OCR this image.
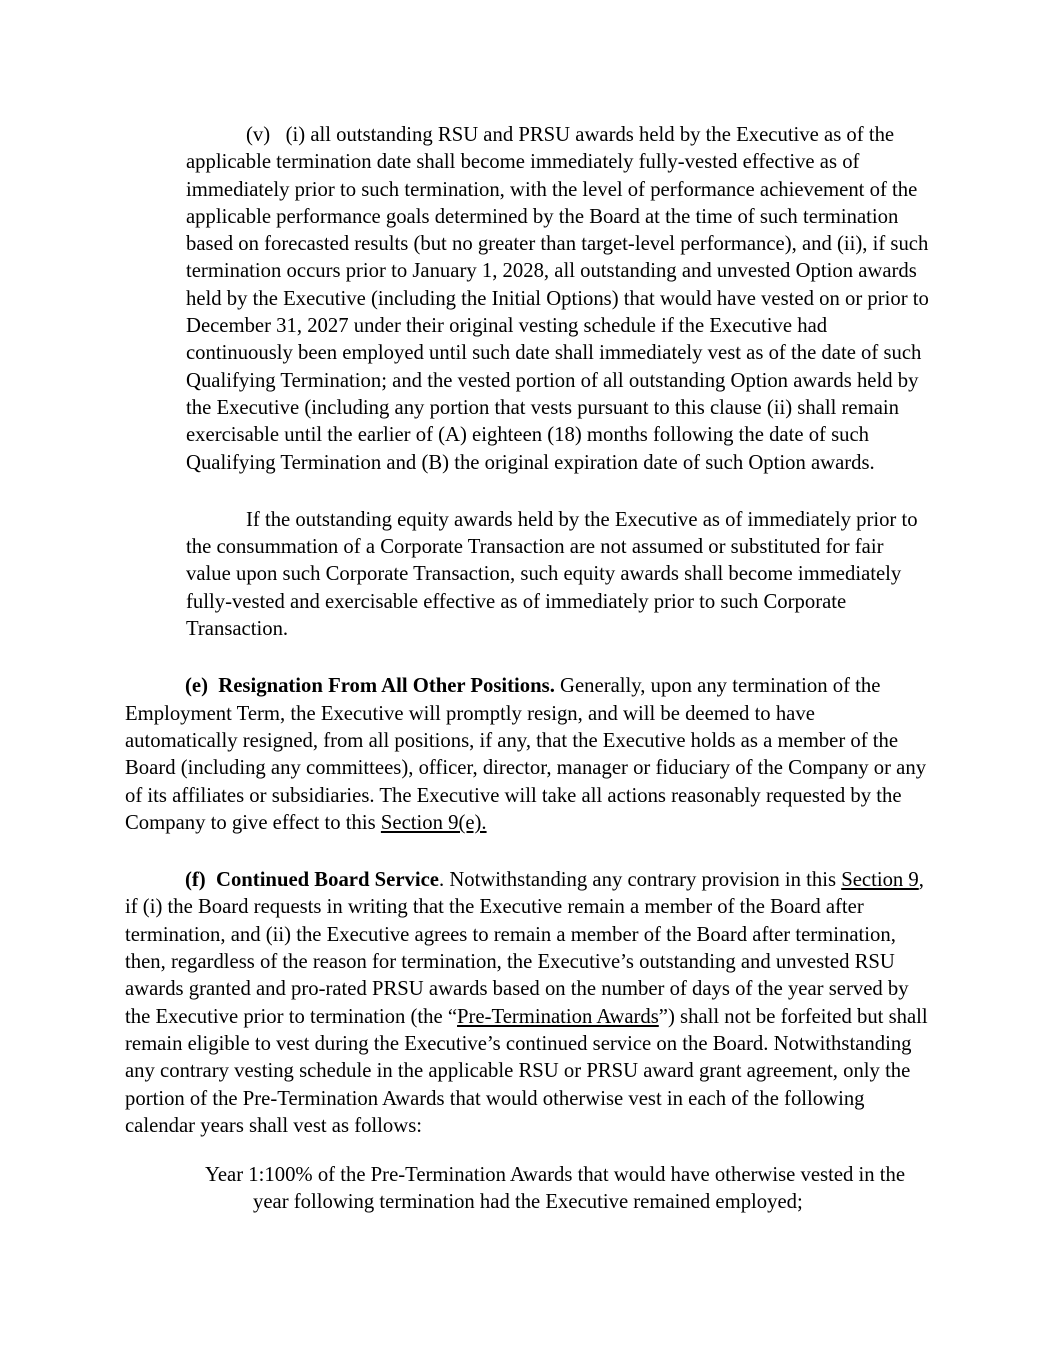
(v)   (i) all outstanding RSU and PRSU awards held by the Executive as of the applicable termination date shall become immediately fully-vested effective as of immediately prior to such termination, with the level of performance achievement of the applicable performance goals determined by the Board at the time of such termination based on forecasted results (but no greater than target-level performance), and (ii), if such termination occurs prior to January 1, 2028, all outstanding and unvested Option awards held by the Executive (including the Initial Options) that would have vested on or prior to December 31, 2027 under their original vesting schedule if the Executive had continuously been employed until such date shall immediately vest as of the date of such Qualifying Termination; and the vested portion of all outstanding Option awards held by the Executive (including any portion that vests pursuant to this clause (ii) shall remain exercisable until the earlier of (A) eighteen (18) months following the date of such Qualifying Termination and (B) the original expiration date of such Option awards.

If the outstanding equity awards held by the Executive as of immediately prior to the consummation of a Corporate Transaction are not assumed or substituted for fair value upon such Corporate Transaction, such equity awards shall become immediately fully-vested and exercisable effective as of immediately prior to such Corporate Transaction.

(e)  Resignation From All Other Positions. Generally, upon any termination of the Employment Term, the Executive will promptly resign, and will be deemed to have automatically resigned, from all positions, if any, that the Executive holds as a member of the Board (including any committees), officer, director, manager or fiduciary of the Company or any of its affiliates or subsidiaries. The Executive will take all actions reasonably requested by the Company to give effect to this Section 9(e).

(f)  Continued Board Service. Notwithstanding any contrary provision in this Section 9, if (i) the Board requests in writing that the Executive remain a member of the Board after termination, and (ii) the Executive agrees to remain a member of the Board after termination, then, regardless of the reason for termination, the Executive’s outstanding and unvested RSU awards granted and pro-rated PRSU awards based on the number of days of the year served by the Executive prior to termination (the “Pre-Termination Awards”) shall not be forfeited but shall remain eligible to vest during the Executive’s continued service on the Board. Notwithstanding any contrary vesting schedule in the applicable RSU or PRSU award grant agreement, only the portion of the Pre-Termination Awards that would otherwise vest in each of the following calendar years shall vest as follows:

Year 1:100% of the Pre-Termination Awards that would have otherwise vested in the year following termination had the Executive remained employed;
